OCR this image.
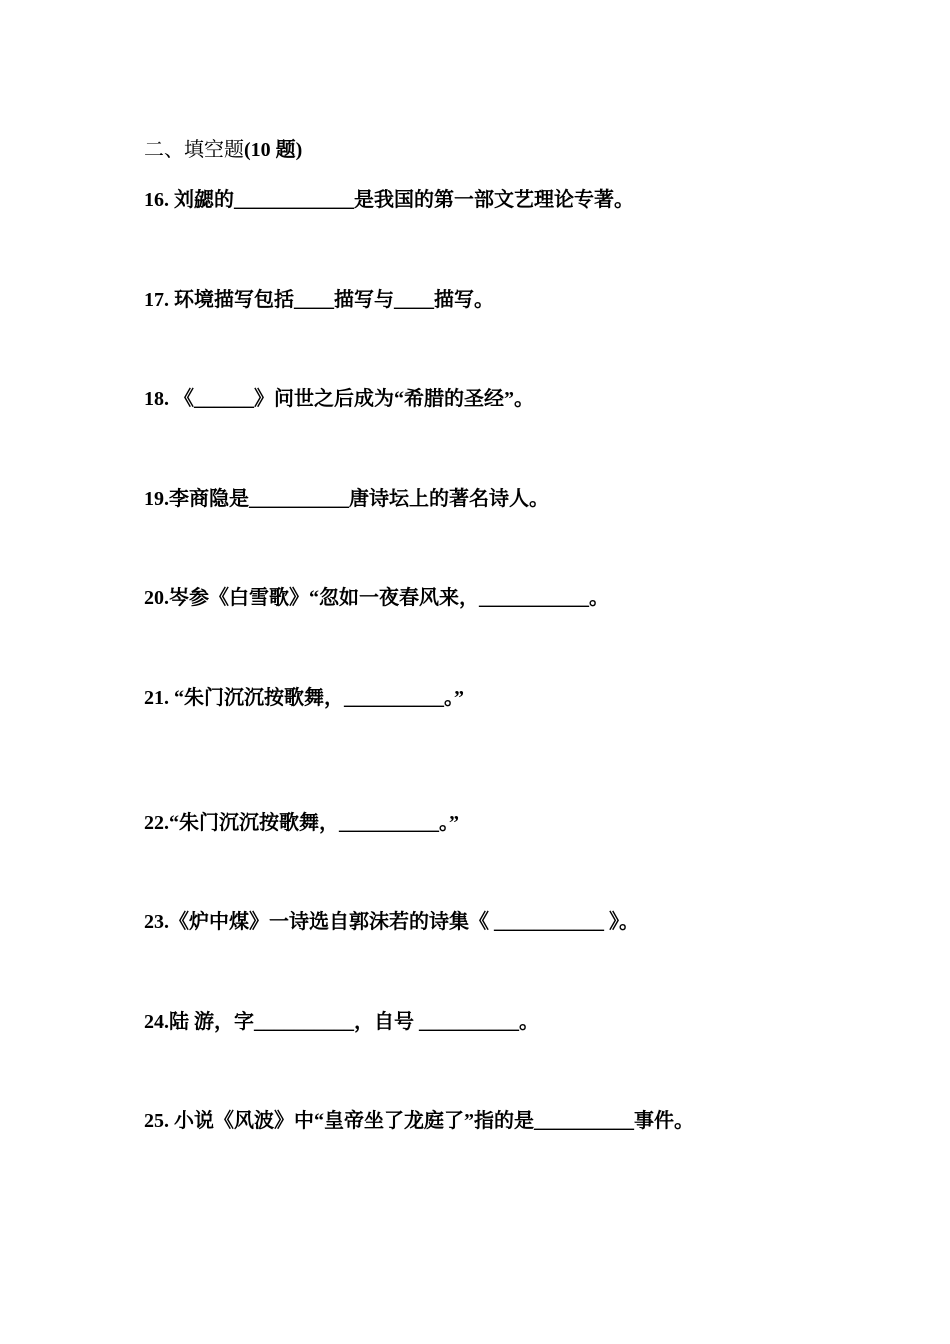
二、填空题(10 题)
16. 刘勰的____________是我国的第一部文艺理论专著。
17. 环境描写包括____描写与____描写。
18. 《______》问世之后成为“希腊的圣经”。
19.李商隐是__________唐诗坛上的著名诗人。
20.岑参《白雪歌》“忽如一夜春风来，___________。
21. “朱门沉沉按歌舞，__________。”
22.“朱门沉沉按歌舞，__________。”
23.《炉中煤》一诗选自郭沫若的诗集《 ___________ 》。
24.陆 游，字__________，自号 __________。
25. 小说《风波》中“皇帝坐了龙庭了”指的是__________事件。
